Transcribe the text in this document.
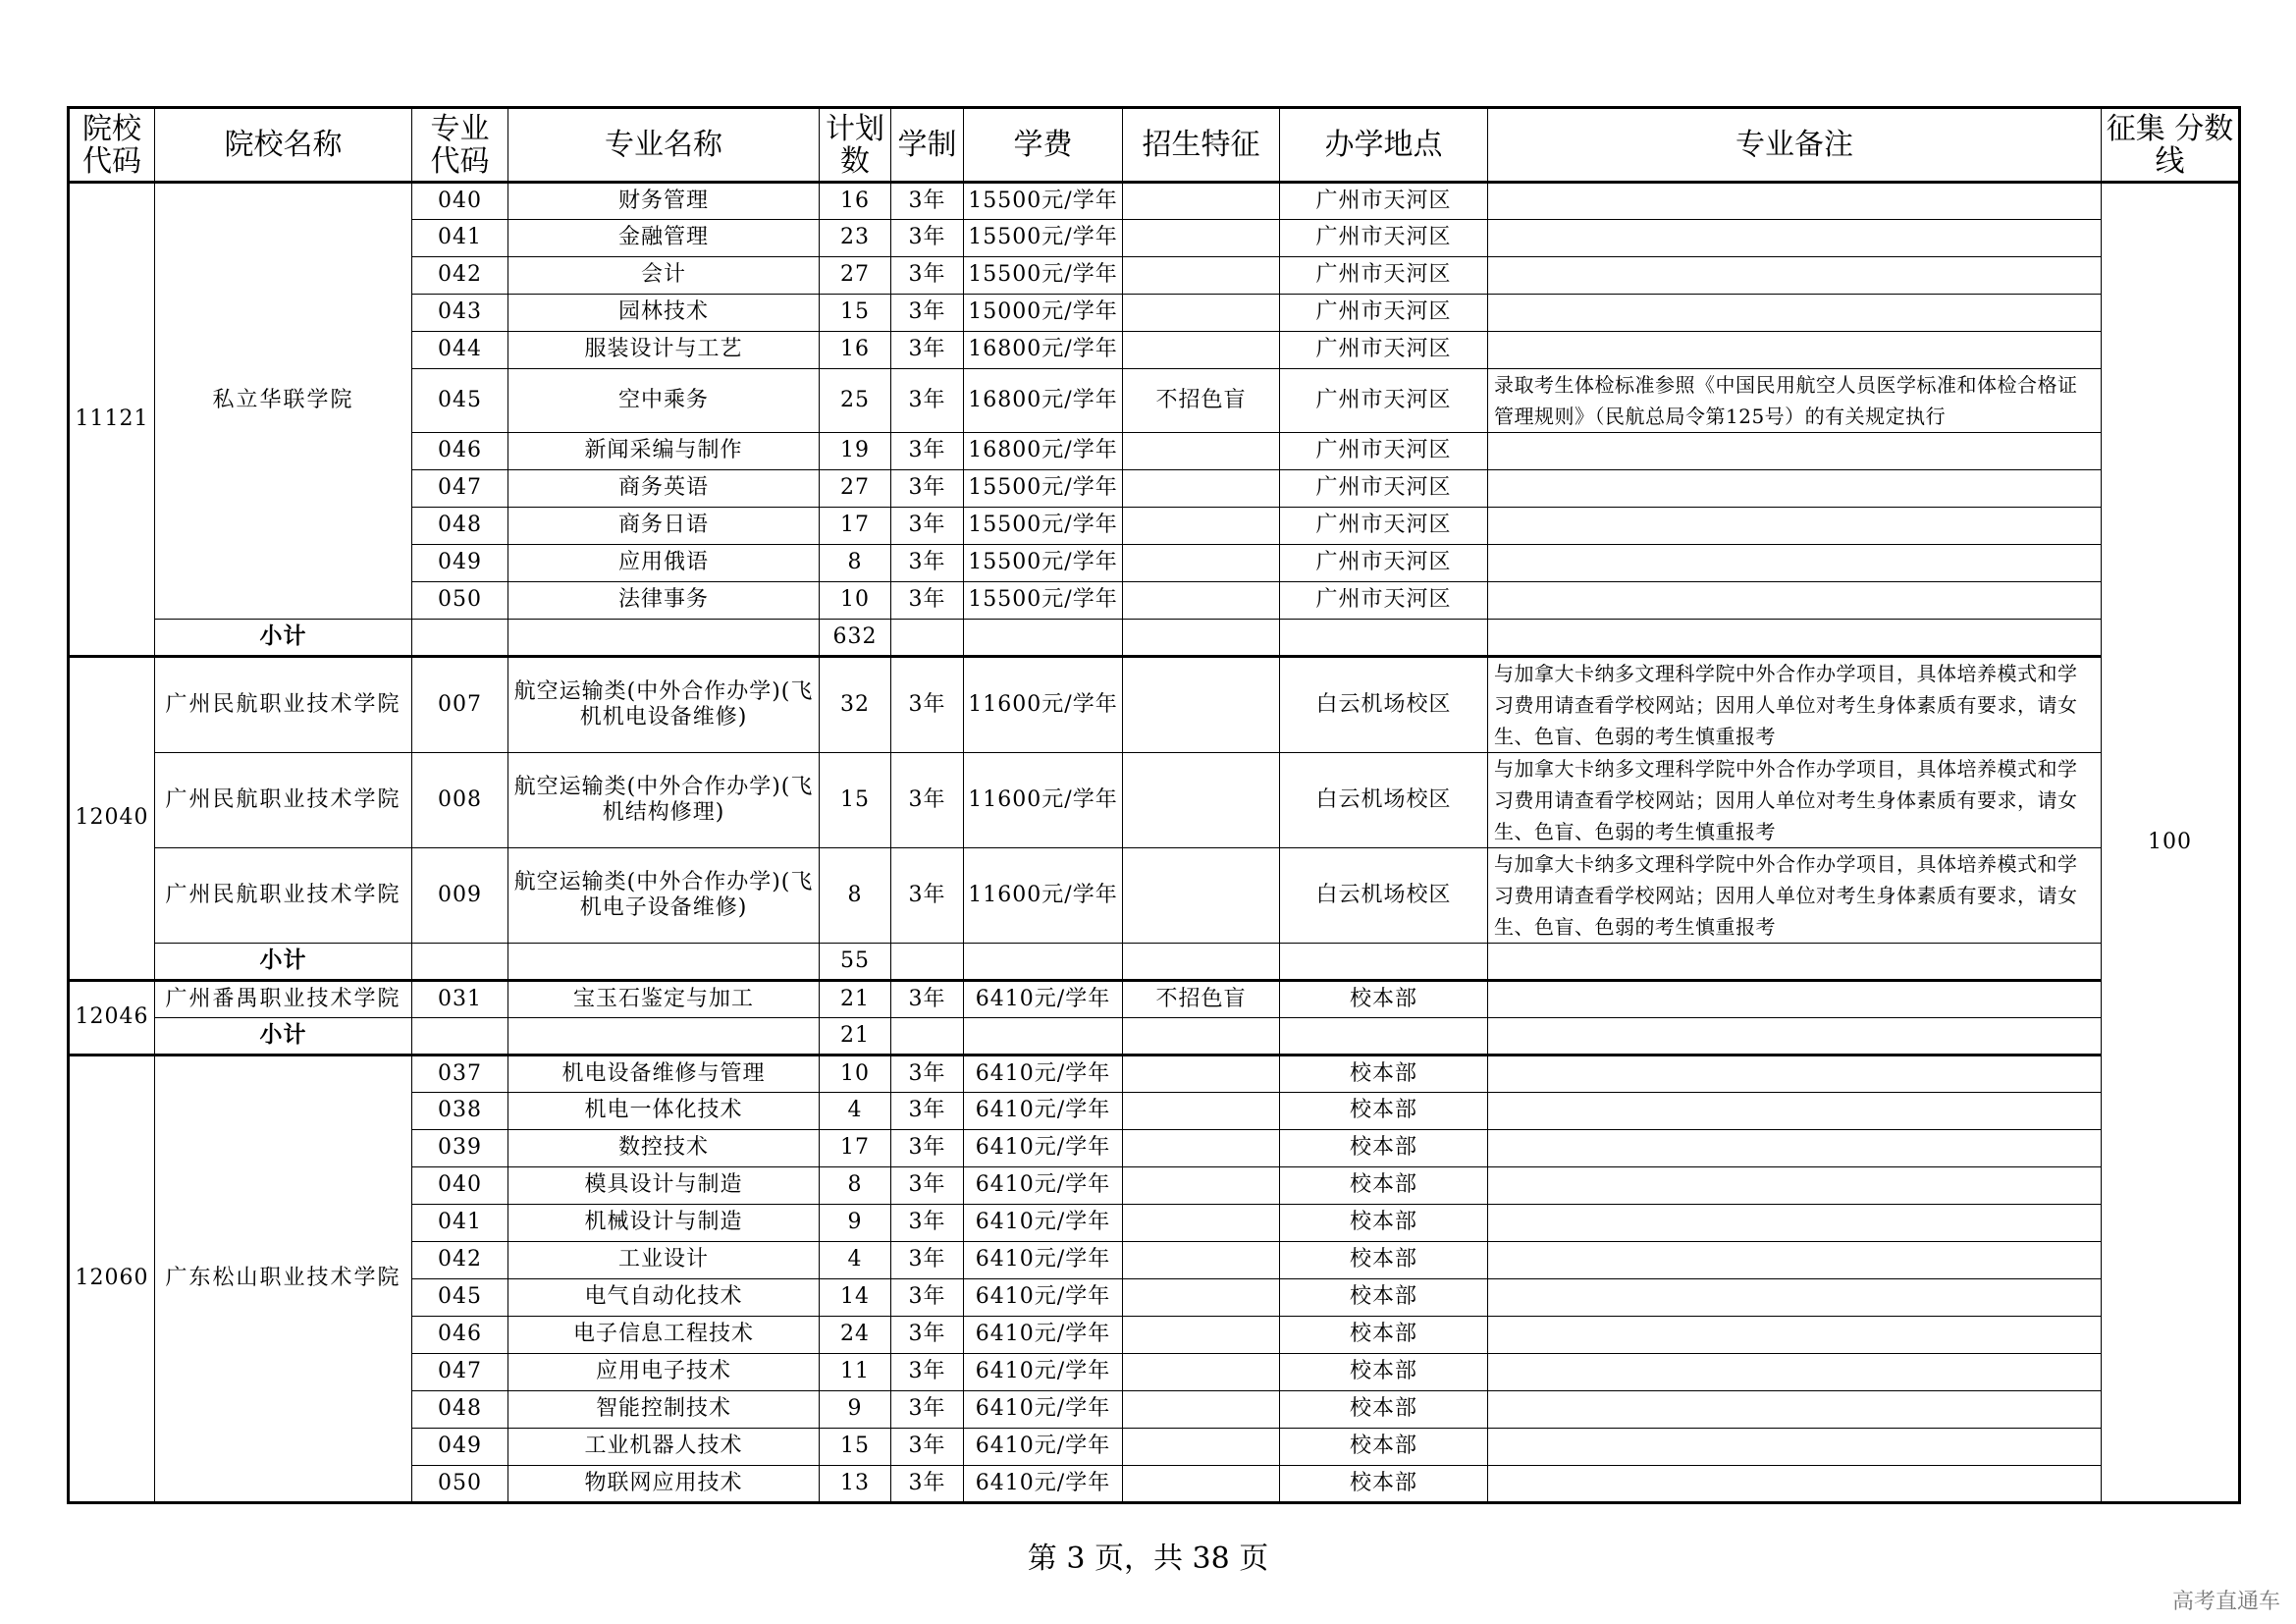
院校 代码	院校名称	专业 代码	专业名称	计划 数	学制	学费	招生特征	办学地点	专业备注	征集 分数线
11121	私立华联学院	040	财务管理	16	3年	15500元/学年		广州市天河区		100
		041	金融管理	23	3年	15500元/学年		广州市天河区		
		042	会计	27	3年	15500元/学年		广州市天河区		
		043	园林技术	15	3年	15000元/学年		广州市天河区		
		044	服装设计与工艺	16	3年	16800元/学年		广州市天河区		
		045	空中乘务	25	3年	16800元/学年	不招色盲	广州市天河区	录取考生体检标准参照《中国民用航空人员医学标准和体检合格证管理规则》（民航总局令第125号）的有关规定执行	
		046	新闻采编与制作	19	3年	16800元/学年		广州市天河区		
		047	商务英语	27	3年	15500元/学年		广州市天河区		
		048	商务日语	17	3年	15500元/学年		广州市天河区		
		049	应用俄语	8	3年	15500元/学年		广州市天河区		
		050	法律事务	10	3年	15500元/学年		广州市天河区		
	小计			632						
12040	广州民航职业技术学院	007	航空运输类(中外合作办学)(飞机机电设备维修)	32	3年	11600元/学年		白云机场校区	与加拿大卡纳多文理科学院中外合作办学项目，具体培养模式和学习费用请查看学校网站；因用人单位对考生身体素质有要求，请女生、色盲、色弱的考生慎重报考	
	广州民航职业技术学院	008	航空运输类(中外合作办学)(飞机结构修理)	15	3年	11600元/学年		白云机场校区	与加拿大卡纳多文理科学院中外合作办学项目，具体培养模式和学习费用请查看学校网站；因用人单位对考生身体素质有要求，请女生、色盲、色弱的考生慎重报考	
	广州民航职业技术学院	009	航空运输类(中外合作办学)(飞机电子设备维修)	8	3年	11600元/学年		白云机场校区	与加拿大卡纳多文理科学院中外合作办学项目，具体培养模式和学习费用请查看学校网站；因用人单位对考生身体素质有要求，请女生、色盲、色弱的考生慎重报考	
	小计			55						
12046	广州番禺职业技术学院	031	宝玉石鉴定与加工	21	3年	6410元/学年	不招色盲	校本部		
	小计			21						
12060	广东松山职业技术学院	037	机电设备维修与管理	10	3年	6410元/学年		校本部		
		038	机电一体化技术	4	3年	6410元/学年		校本部		
		039	数控技术	17	3年	6410元/学年		校本部		
		040	模具设计与制造	8	3年	6410元/学年		校本部		
		041	机械设计与制造	9	3年	6410元/学年		校本部		
		042	工业设计	4	3年	6410元/学年		校本部		
		045	电气自动化技术	14	3年	6410元/学年		校本部		
		046	电子信息工程技术	24	3年	6410元/学年		校本部		
		047	应用电子技术	11	3年	6410元/学年		校本部		
		048	智能控制技术	9	3年	6410元/学年		校本部		
		049	工业机器人技术	15	3年	6410元/学年		校本部		
		050	物联网应用技术	13	3年	6410元/学年		校本部		
第 3 页，共 38 页
高考直通车
